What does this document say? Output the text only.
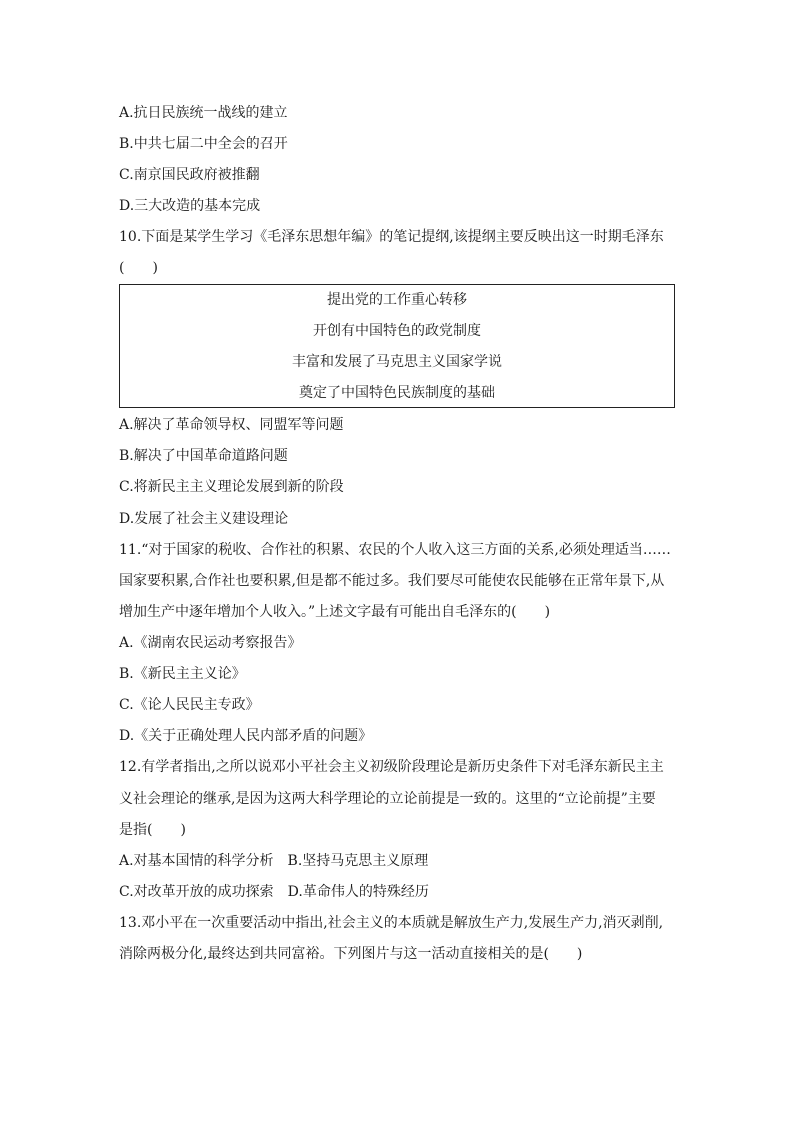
A.抗日民族统一战线的建立
B.中共七届二中全会的召开
C.南京国民政府被推翻
D.三大改造的基本完成
10.下面是某学生学习《毛泽东思想年编》的笔记提纲,该提纲主要反映出这一时期毛泽东
(　　)
提出党的工作重心转移
开创有中国特色的政党制度
丰富和发展了马克思主义国家学说
奠定了中国特色民族制度的基础
A.解决了革命领导权、同盟军等问题
B.解决了中国革命道路问题
C.将新民主主义理论发展到新的阶段
D.发展了社会主义建设理论
11.“对于国家的税收、合作社的积累、农民的个人收入这三方面的关系,必须处理适当……
国家要积累,合作社也要积累,但是都不能过多。我们要尽可能使农民能够在正常年景下,从
增加生产中逐年增加个人收入。”上述文字最有可能出自毛泽东的(　　)
A.《湖南农民运动考察报告》
B.《新民主主义论》
C.《论人民民主专政》
D.《关于正确处理人民内部矛盾的问题》
12.有学者指出,之所以说邓小平社会主义初级阶段理论是新历史条件下对毛泽东新民主主
义社会理论的继承,是因为这两大科学理论的立论前提是一致的。这里的“立论前提”主要
是指(　　)
A.对基本国情的科学分析　B.坚持马克思主义原理
C.对改革开放的成功探索　D.革命伟人的特殊经历
13.邓小平在一次重要活动中指出,社会主义的本质就是解放生产力,发展生产力,消灭剥削,
消除两极分化,最终达到共同富裕。下列图片与这一活动直接相关的是(　　)
